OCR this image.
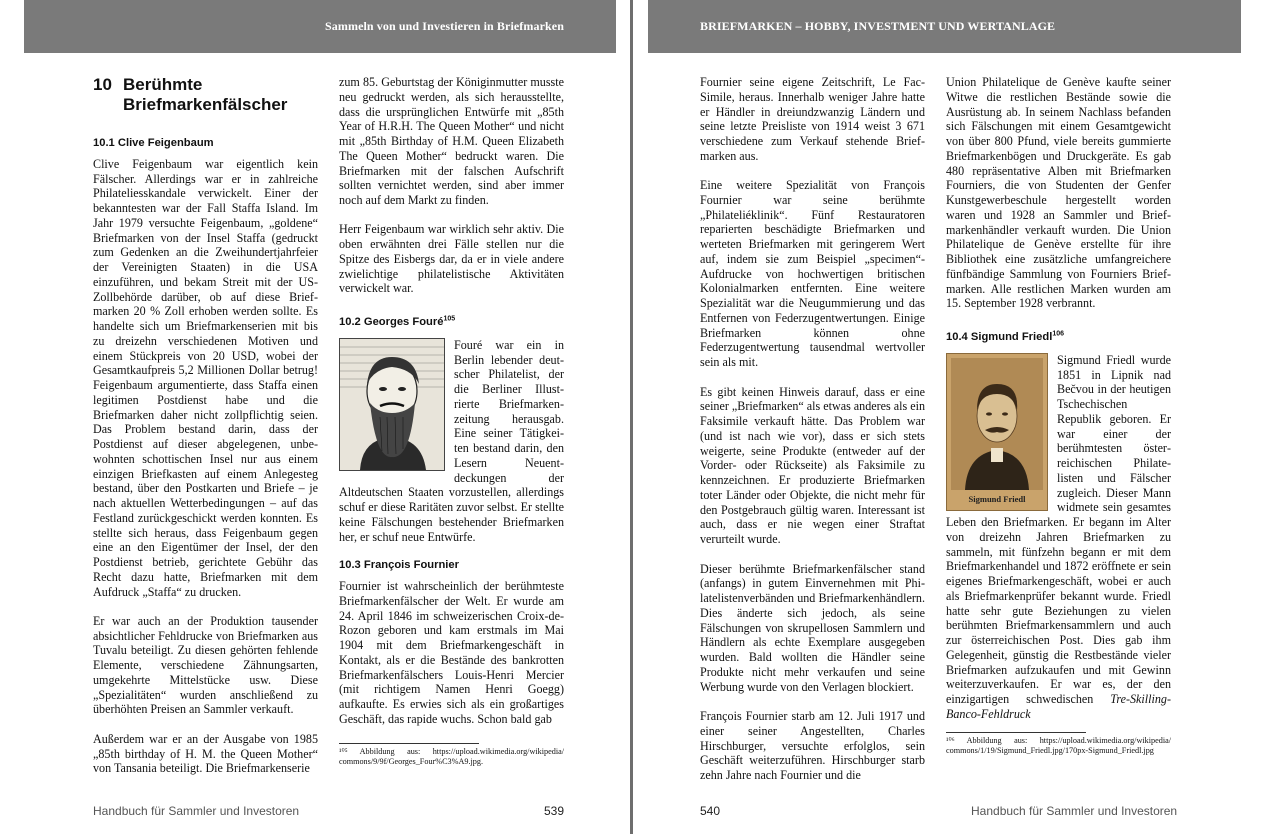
Sammeln von und Investieren in Briefmarken
10 Berühmte
Briefmarkenfälscher

10.1 Clive Feigenbaum

Clive Feigenbaum war eigentlich kein Fälscher. Allerdings war er in zahlreiche Philateliesskandale verwickelt. Einer der bekanntesten war der Fall Staffa Island. Im Jahr 1979 versuchte Feigenbaum, „goldene“ Briefmarken von der Insel Staffa (gedruckt zum Gedenken an die Zweihundertjahrfeier der Vereinigten Staaten) in die USA einzuführen, und bekam Streit mit der US-Zollbehörde darüber, ob auf diese Briefmarken 20 % Zoll erhoben werden sollte. Es handelte sich um Briefmarkenserien mit bis zu dreizehn verschiedenen Motiven und einem Stückpreis von 20 USD, wobei der Gesamtkaufpreis 5,2 Millionen Dollar betrug! Feigenbaum argumentierte, dass Staffa einen legitimen Postdienst habe und die Briefmarken daher nicht zollpflichtig seien. Das Problem bestand darin, dass der Postdienst auf dieser abgelegenen, unbewohnten schottischen Insel nur aus einem einzigen Briefkasten auf einem Anlegesteg bestand, über den Postkarten und Briefe – je nach aktuellen Wetterbedingungen – auf das Festland zurückgeschickt werden konnten. Es stellte sich heraus, dass Feigenbaum gegen eine an den Eigentümer der Insel, der den Postdienst betrieb, gerichtete Gebühr das Recht dazu hatte, Briefmarken mit dem Aufdruck „Staffa“ zu drucken.

Er war auch an der Produktion tausender absichtlicher Fehldrucke von Briefmarken aus Tuvalu beteiligt. Zu diesen gehörten fehlende Elemente, verschiedene Zähnungsarten, umgekehrte Mittelstücke usw. Diese „Spezialitäten“ wurden anschließend zu überhöhten Preisen an Sammler verkauft.

Außerdem war er an der Ausgabe von 1985 „85th birthday of H. M. the Queen Mother“ von Tansania beteiligt. Die Briefmarkenserie

zum 85. Geburtstag der Königinmutter musste neu gedruckt werden, als sich herausstellte, dass die ursprünglichen Entwürfe mit „85th Year of H.R.H. The Queen Mother“ und nicht mit „85th Birthday of H.M. Queen Elizabeth The Queen Mother“ bedruckt waren. Die Briefmarken mit der falschen Aufschrift sollten vernichtet werden, sind aber immer noch auf dem Markt zu finden.

Herr Feigenbaum war wirklich sehr aktiv. Die oben erwähnten drei Fälle stellen nur die Spitze des Eisbergs dar, da er in viele andere zwielichtige philatelistische Aktivitäten verwickelt war.

10.2 Georges Fouré$^{105}$

Fouré war ein in Berlin lebender deutscher Philatelist, der die Berliner Illustrierte Briefmarkenzeitung herausgab. Eine seiner Tätigkeiten bestand darin, den Lesern Neuentdeckungen der Altdeutschen Staaten vorzustellen, allerdings schuf er diese Raritäten zuvor selbst. Er stellte keine Fälschungen bestehender Briefmarken her, er schuf neue Entwürfe.

10.3 François Fournier

Fournier ist wahrscheinlich der berühmteste Briefmarkenfälscher der Welt. Er wurde am 24. April 1846 im schweizerischen Croix-de-Rozon geboren und kam erstmals im Mai 1904 mit dem Briefmarkengeschäft in Kontakt, als er die Bestände des bankrotten Briefmarkenfälschers Louis-Henri Mercier (mit richtigem Namen Henri Goegg) aufkaufte. Es erwies sich als ein großartiges Geschäft, das rapide wuchs. Schon bald gab

¹⁰⁵ Abbildung aus: https://upload.wikimedia.org/wikipedia/ commons/9/9f/Georges_Four%C3%A9.jpg.

Handbuch für Sammler und Investoren	539
BRIEFMARKEN – HOBBY, INVESTMENT UND WERTANLAGE

Fournier seine eigene Zeitschrift, Le Fac-Simile, heraus. Innerhalb weniger Jahre hatte er Händler in dreiundzwanzig Ländern und seine letzte Preisliste von 1914 weist 3 671 verschiedene zum Verkauf stehende Briefmarken aus.

Eine weitere Spezialität von François Fournier war seine berühmte „Philateliéklinik“. Fünf Restauratoren reparierten beschädigte Briefmarken und werteten Briefmarken mit geringerem Wert auf, indem sie zum Beispiel „specimen“-Aufdrucke von hochwertigen britischen Kolonialmarken entfernten. Eine weitere Spezialität war die Neugummierung und das Entfernen von Federzugentwertungen. Einige Briefmarken können ohne Federzugentwertung tausendmal wertvoller sein als mit.

Es gibt keinen Hinweis darauf, dass er eine seiner „Briefmarken“ als etwas anderes als ein Faksimile verkauft hätte. Das Problem war (und ist nach wie vor), dass er sich stets weigerte, seine Produkte (entweder auf der Vorder- oder Rückseite) als Faksimile zu kennzeichnen. Er produzierte Briefmarken toter Länder oder Objekte, die nicht mehr für den Postgebrauch gültig waren. Interessant ist auch, dass er nie wegen einer Straftat verurteilt wurde.

Dieser berühmte Briefmarkenfälscher stand (anfangs) in gutem Einvernehmen mit Philatelistenverbänden und Briefmarkenhändlern. Dies änderte sich jedoch, als seine Fälschungen von skrupellosen Sammlern und Händlern als echte Exemplare ausgegeben wurden. Bald wollten die Händler seine Produkte nicht mehr verkaufen und seine Werbung wurde von den Verlagen blockiert.

François Fournier starb am 12. Juli 1917 und einer seiner Angestellten, Charles Hirschburger, versuchte erfolglos, sein Geschäft weiterzuführen. Hirschburger starb zehn Jahre nach Fournier und die

Union Philatelique de Genève kaufte seiner Witwe die restlichen Bestände sowie die Ausrüstung ab. In seinem Nachlass befanden sich Fälschungen mit einem Gesamtgewicht von über 800 Pfund, viele bereits gummierte Briefmarkenbögen und Druckgeräte. Es gab 480 repräsentative Alben mit Briefmarken Fourniers, die von Studenten der Genfer Kunstgewerbeschule hergestellt worden waren und 1928 an Sammler und Briefmarkenhändler verkauft wurden. Die Union Philatelique de Genève erstellte für ihre Bibliothek eine zusätzliche umfangreichere fünfbändige Sammlung von Fourniers Briefmarken. Alle restlichen Marken wurden am 15. September 1928 verbrannt.

10.4 Sigmund Friedl$^{106}$

Sigmund Friedl

Sigmund Friedl wurde 1851 in Lipnik nad Bečvou in der heutigen Tschechischen Republik geboren. Er war einer der berühmtesten österreichischen Philatelisten und Fälscher zugleich. Dieser Mann widmete sein gesamtes Leben den Briefmarken. Er begann im Alter von dreizehn Jahren Briefmarken zu sammeln, mit fünfzehn begann er mit dem Briefmarkenhandel und 1872 eröffnete er sein eigenes Briefmarkengeschäft, wobei er auch als Briefmarkenprüfer bekannt wurde. Friedl hatte sehr gute Beziehungen zu vielen berühmten Briefmarkensammlern und auch zur österreichischen Post. Dies gab ihm Gelegenheit, günstig die Restbestände vieler Briefmarken aufzukaufen und mit Gewinn weiterzuverkaufen. Er war es, der den einzigartigen schwedischen Tre-Skilling-Banco-Fehldruck

¹⁰⁶ Abbildung aus: https://upload.wikimedia.org/wikipedia/ commons/1/19/Sigmund_Friedl.jpg/170px-Sigmund_Friedl.jpg

540	Handbuch für Sammler und Investoren
